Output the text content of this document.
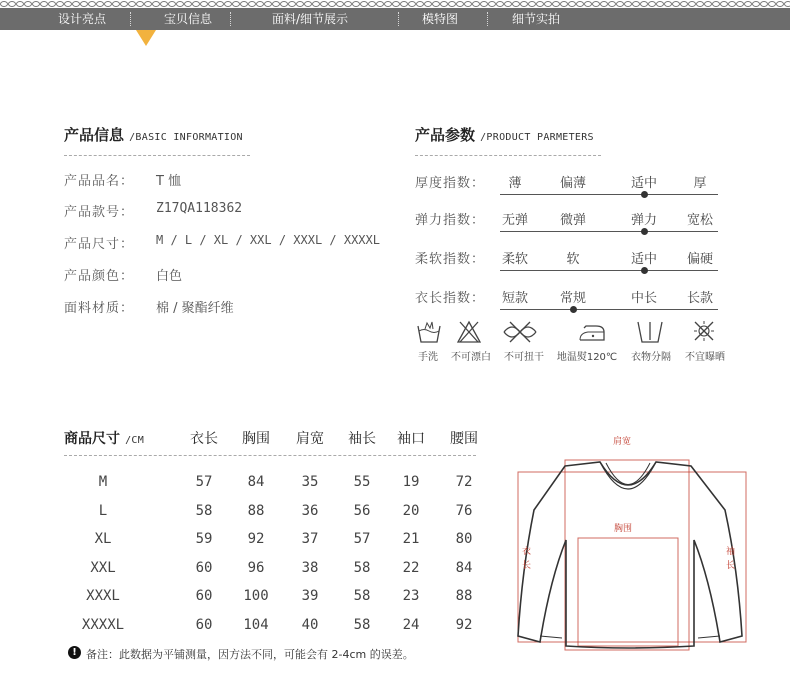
设计亮点	宝贝信息	面料/细节展示	模特图	细节实拍
产品信息 /BASIC INFORMATION
产品品名： T 恤
产品款号： Z17QA118362
产品尺寸： M / L / XL / XXL / XXXL / XXXXL
产品颜色： 白色
面料材质： 棉 / 聚酯纤维
产品参数 /PRODUCT PARMETERS
厚度指数：	薄	偏薄	适中	厚
弹力指数： 无弹	微弹	弹力	宽松
柔软指数： 柔软	软	适中	偏硬
衣长指数： 短款	常规	中长	长款
手洗	不可漂白	不可扭干	地温熨120℃	衣物分隔	不宜曝晒
商品尺寸 /CM	衣长 胸围 肩宽 袖长 袖口 腰围
M	57	84	35	55	19	72
L	58	88	36	56	20	76
XL	59	92	37	57	21	80
XXL	60	96	38	58	22	84
XXXL	60	100	39	58	23	88
XXXXL	60	104	40	58	24	92
! 备注：此数据为平铺测量，因方法不同，可能会有 2-4cm 的误差。
肩宽
胸围
衣长
袖长
